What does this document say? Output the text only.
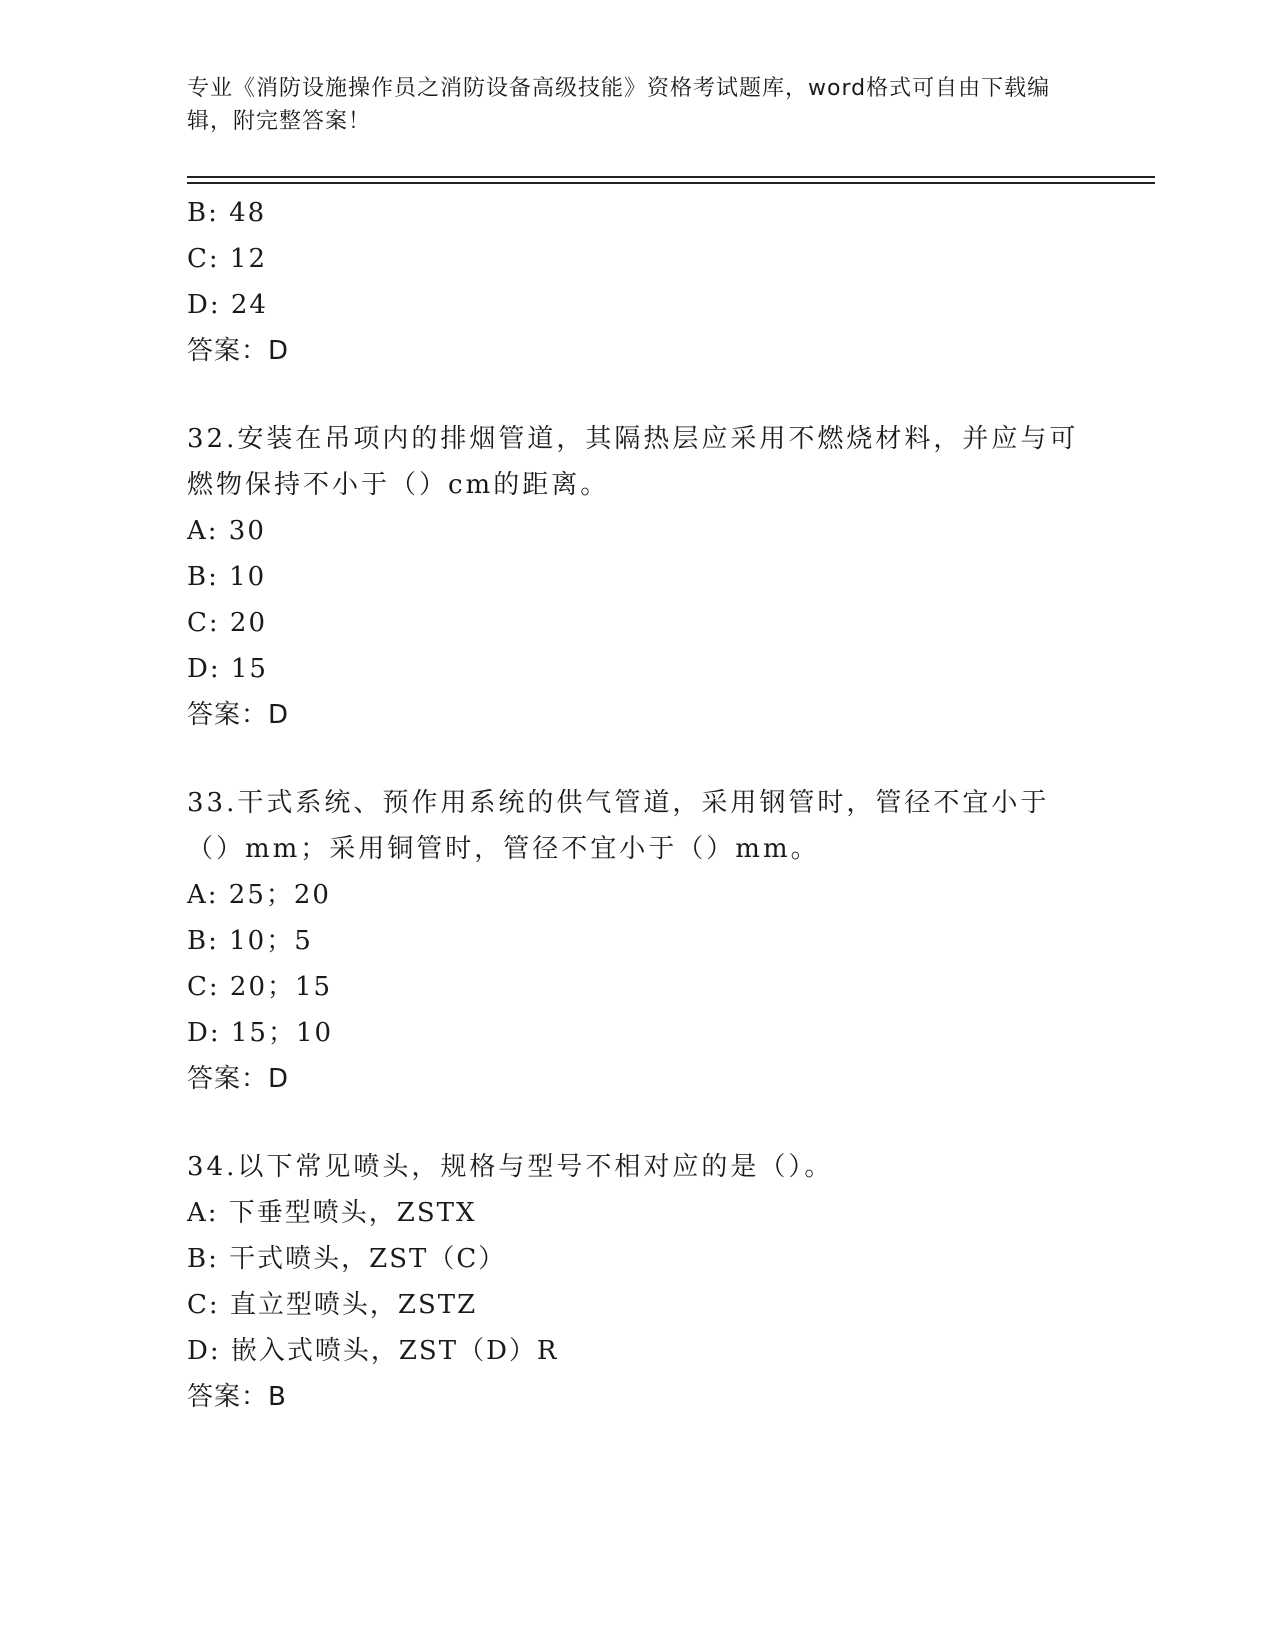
专业《消防设施操作员之消防设备高级技能》资格考试题库，word格式可自由下载编辑，附完整答案！
B: 48
C: 12
D: 24
答案：D
32.安装在吊项内的排烟管道，其隔热层应采用不燃烧材料，并应与可燃物保持不小于（）cm的距离。
A: 30
B: 10
C: 20
D: 15
答案：D
33.干式系统、预作用系统的供气管道，采用钢管时，管径不宜小于（）mm；采用铜管时，管径不宜小于（）mm。
A: 25；20
B: 10；5
C: 20；15
D: 15；10
答案：D
34.以下常见喷头，规格与型号不相对应的是（）。
A: 下垂型喷头，ZSTX
B: 干式喷头，ZST（C）
C: 直立型喷头，ZSTZ
D: 嵌入式喷头，ZST（D）R
答案：B
